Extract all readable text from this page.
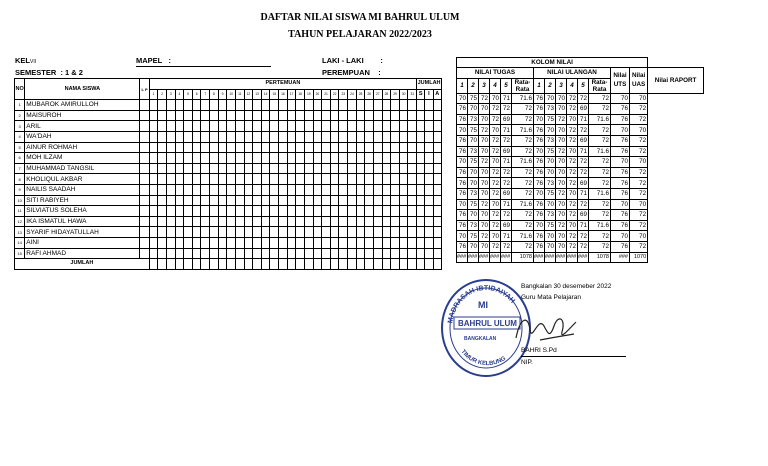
DAFTAR NILAI SISWA MI BAHRUL ULUM
TAHUN PELAJARAN 2022/2023
KELVII
SEMESTER : 1 & 2
MAPEL :	LAKI - LAKI :
PEREMPUAN :
NO	NAMA SISWA	L P	PERTEMUAN																															JUMLAH		
			1	2	3	4	5	6	7	8	9	10	11	12	13	14	15	16	17	18	19	20	21	22	23	24	25	26	27	28	29	30	31	S	I	A
1	MUBAROK AMIRULLOH																																			
2	MAISUROH																																			
3	ARIL																																			
4	WA'DAH																																			
5	AINUR ROHMAH																																			
6	MOH ILZAM																																			
7	MUHAMMAD TANGSIL																																			
8	KHOLIQUL AKBAR																																			
9	NAILIS SAADAH																																			
10	SITI RABIYEH																																			
11	SILVIATUS SOLEHA																																			
12	IKA ISMATUL HAWA																																			
13	SYARIF HIDAYATULLAH																																			
14	AINI																																			
15	RAFI AHMAD																																			
JUMLAH																																				
KOLOM NILAI														
NILAI TUGAS						NILAI ULANGAN						Nilai UTS	Nilai UAS	Nilai RAPORT
1	2	3	4	5	Rata-Rata	1	2	3	4	5	Rata-Rata			
70	75	72	70	71	71.6	76	70	70	72	72	72	70	70	
76	70	70	72	72	72	76	73	70	72	69	72	76	72	
76	73	70	72	69	72	70	75	72	70	71	71.6	76	72	
70	75	72	70	71	71.6	76	70	70	72	72	72	70	70	
76	70	70	72	72	72	76	73	70	72	69	72	76	72	
76	73	70	72	69	72	70	75	72	70	71	71.6	76	72	
70	75	72	70	71	71.6	76	70	70	72	72	72	70	70	
76	70	70	72	72	72	76	70	70	72	72	72	76	72	
76	70	70	72	72	72	76	73	70	72	69	72	76	72	
76	73	70	72	69	72	70	75	72	70	71	71.6	76	72	
70	75	72	70	71	71.6	76	70	70	72	72	72	70	70	
76	70	70	72	72	72	76	73	70	72	69	72	76	72	
76	73	70	72	69	72	70	75	72	70	71	71.6	76	72	
70	75	72	70	71	71.6	76	70	70	72	72	72	70	70	
76	70	70	72	72	72	76	70	70	72	72	72	76	72	
###	###	###	###	###	1078	###	###	###	###	###	1078	###	1070	
MADRASAH IBTIDAIYAH
MI
BAHRUL ULUM
BANGKALAN
TIMUR KELBUNG
Bangkalan 30 desemeber 2022
Guru Mata Pelajaran
BAHRI S.Pd
NIP.
